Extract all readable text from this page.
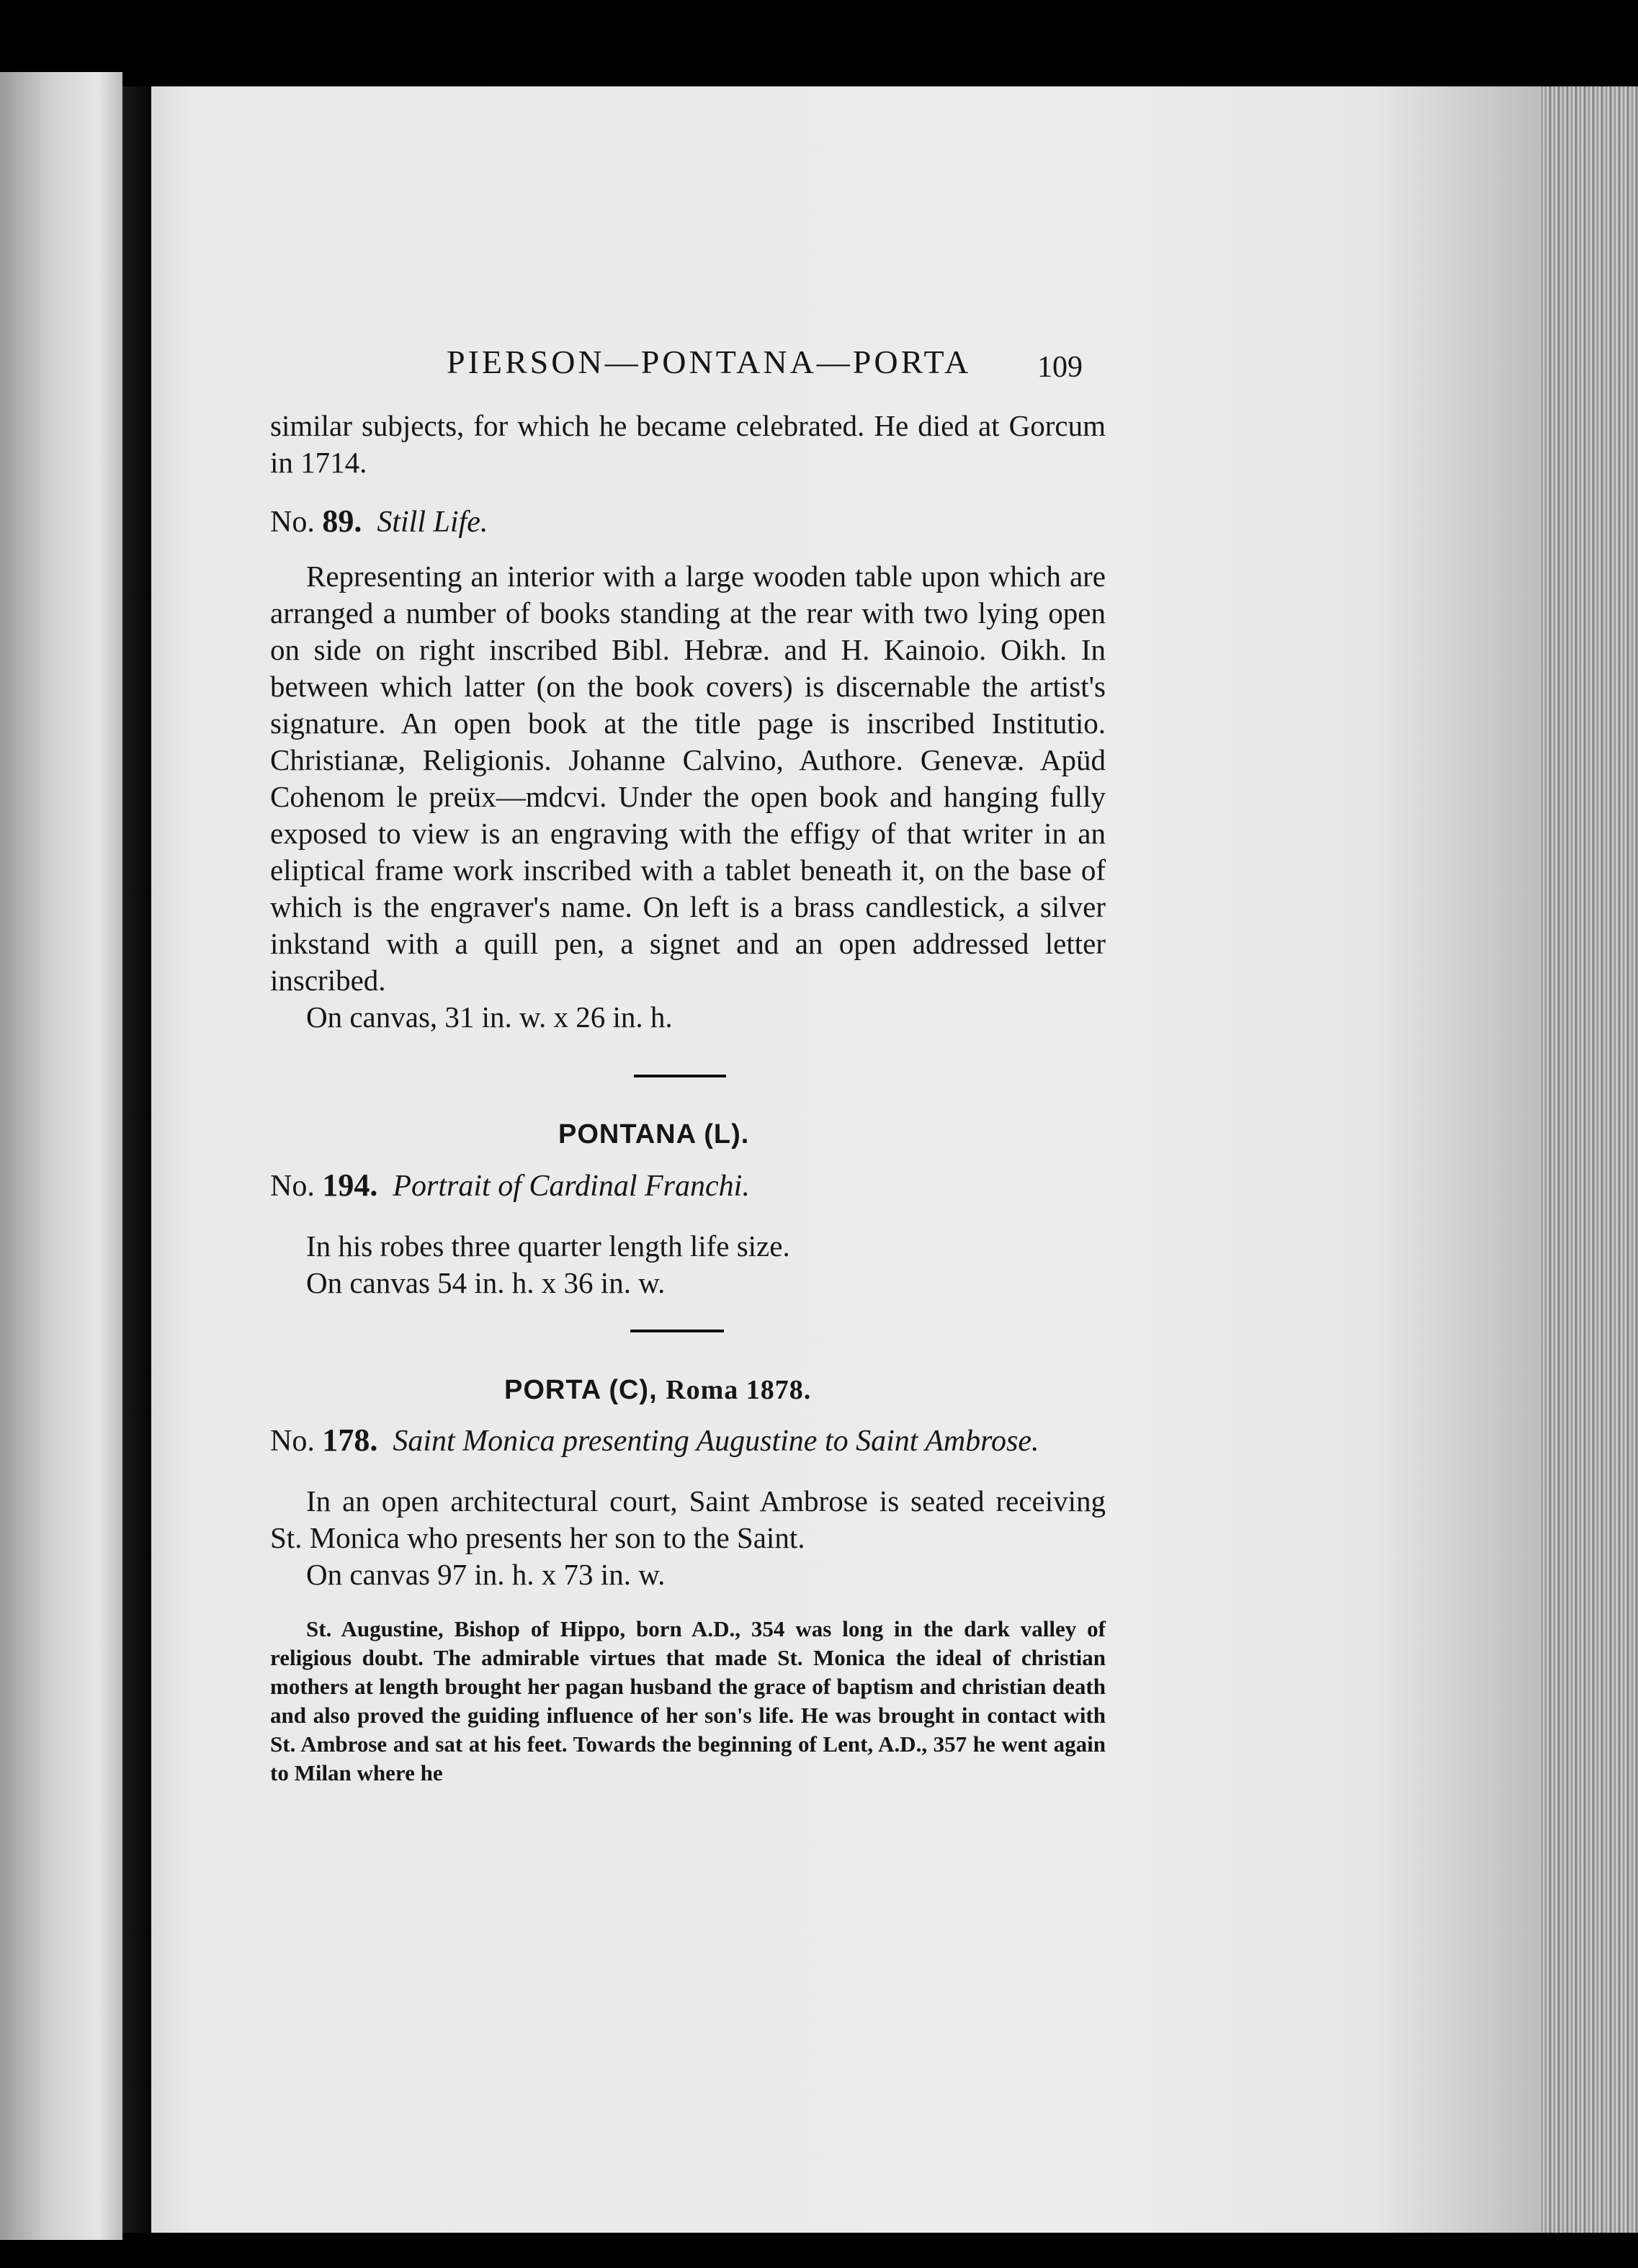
PIERSON—PONTANA—PORTA	109

similar subjects, for which he became celebrated. He died at Gorcum in 1714.

No. 89. Still Life.

Representing an interior with a large wooden table upon which are arranged a number of books standing at the rear with two lying open on side on right inscribed Bibl. Hebræ. and H. Kainoio. Oikh. In between which latter (on the book covers) is discernable the artist's signature. An open book at the title page is inscribed Institutio. Christianæ, Religionis. Johanne Calvino, Authore. Genevæ. Apüd Cohenom le preüx—mdcvi. Under the open book and hanging fully exposed to view is an engraving with the effigy of that writer in an eliptical frame work inscribed with a tablet beneath it, on the base of which is the engraver's name. On left is a brass candlestick, a silver inkstand with a quill pen, a signet and an open addressed letter inscribed.

On canvas, 31 in. w. x 26 in. h.

PONTANA (L).

No. 194. Portrait of Cardinal Franchi.

In his robes three quarter length life size.

On canvas 54 in. h. x 36 in. w.

PORTA (C), Roma 1878.

No. 178. Saint Monica presenting Augustine to Saint Ambrose.

In an open architectural court, Saint Ambrose is seated receiving St. Monica who presents her son to the Saint.

On canvas 97 in. h. x 73 in. w.

St. Augustine, Bishop of Hippo, born A.D., 354 was long in the dark valley of religious doubt. The admirable virtues that made St. Monica the ideal of christian mothers at length brought her pagan husband the grace of baptism and christian death and also proved the guiding influence of her son's life. He was brought in contact with St. Ambrose and sat at his feet. Towards the beginning of Lent, A.D., 357 he went again to Milan where he
